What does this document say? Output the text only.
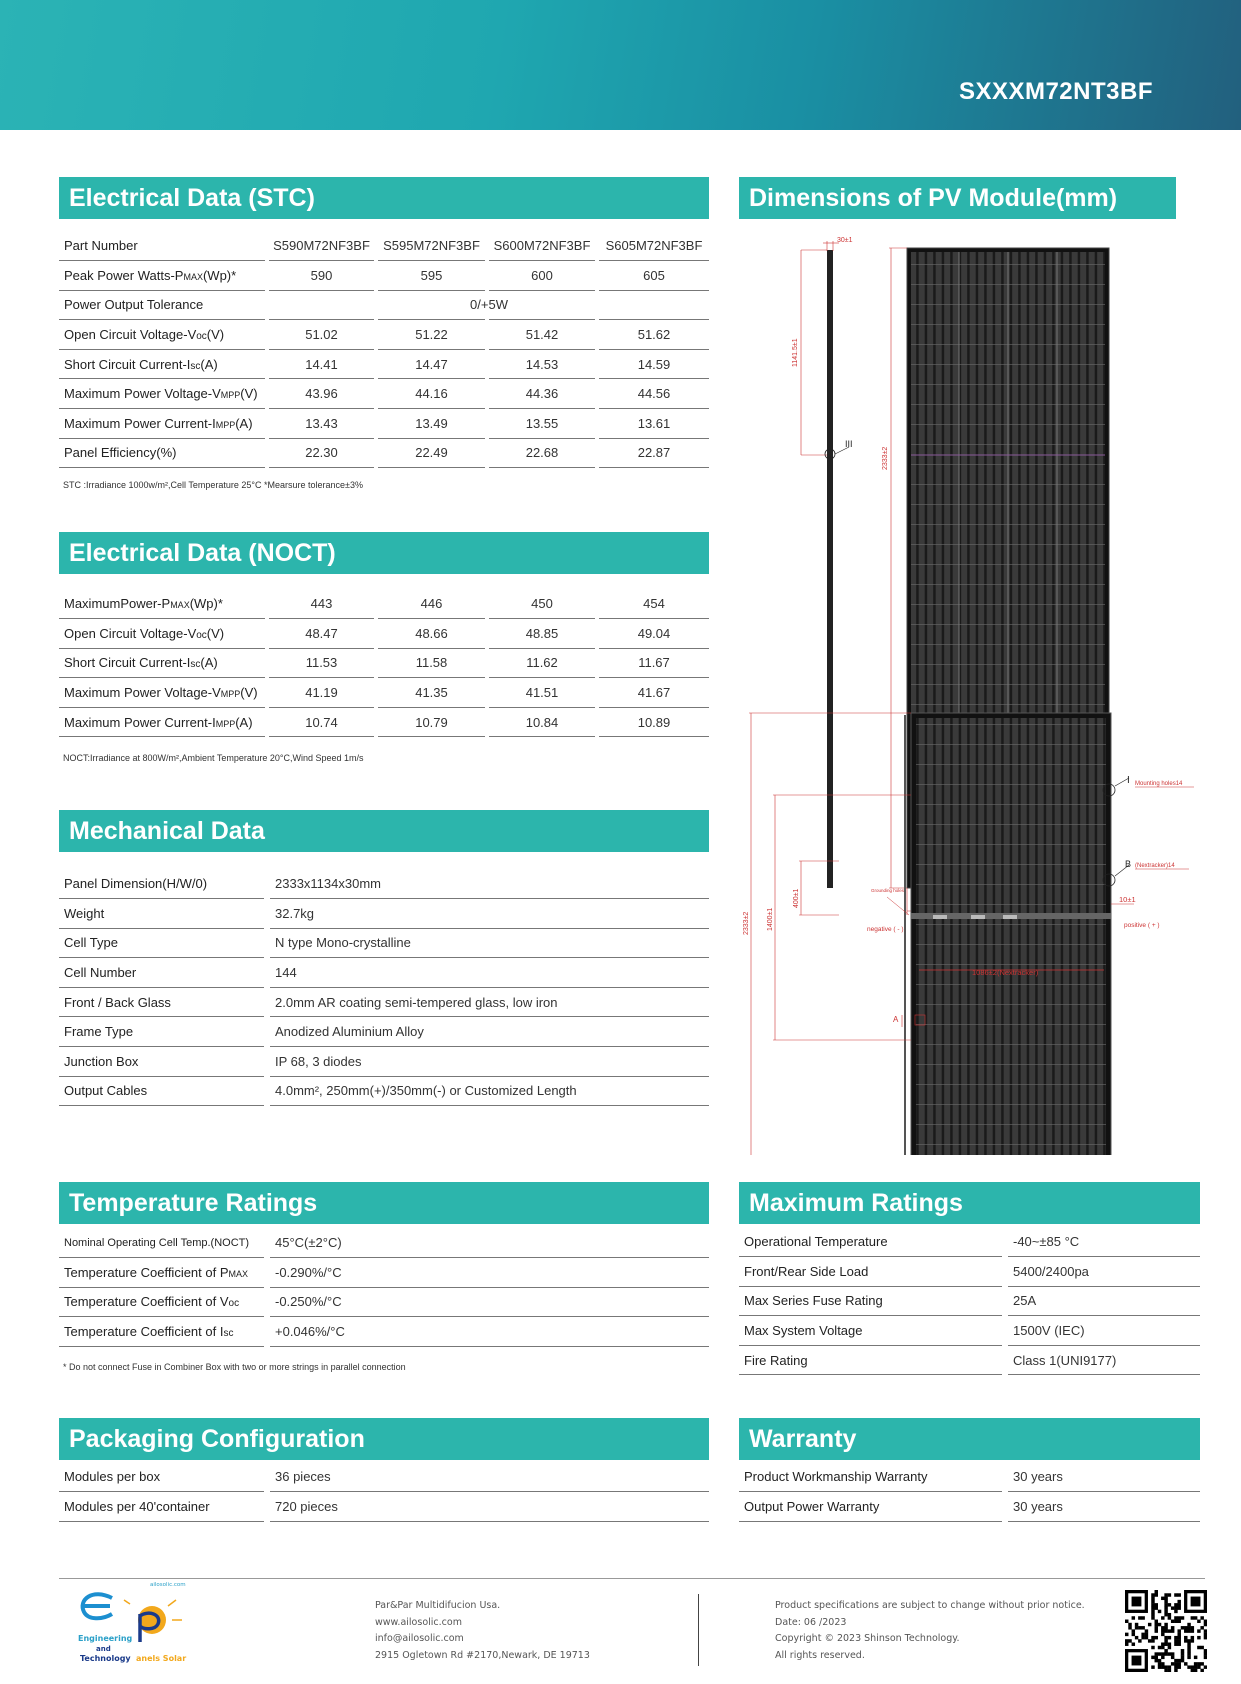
SXXXM72NT3BF
Electrical Data (STC)
Part Number	S590M72NF3BF	S595M72NF3BF	S600M72NF3BF	S605M72NF3BF
Peak Power Watts-PMAX(Wp)*	590	595	600	605
Power Output Tolerance	0/+5W			
Open Circuit Voltage-Voc(V)	51.02	51.22	51.42	51.62
Short Circuit Current-Isc(A)	14.41	14.47	14.53	14.59
Maximum Power Voltage-VMPP(V)	43.96	44.16	44.36	44.56
Maximum Power Current-IMPP(A)	13.43	13.49	13.55	13.61
Panel Efficiency(%)	22.30	22.49	22.68	22.87
STC :Irradiance 1000w/m²,Cell Temperature 25°C *Mearsure tolerance±3%
Electrical Data (NOCT)
MaximumPower-PMAX(Wp)*	443	446	450	454
Open Circuit Voltage-Voc(V)	48.47	48.66	48.85	49.04
Short Circuit Current-Isc(A)	11.53	11.58	11.62	11.67
Maximum Power Voltage-VMPP(V)	41.19	41.35	41.51	41.67
Maximum Power Current-IMPP(A)	10.74	10.79	10.84	10.89
NOCT:Irradiance at 800W/m²,Ambient Temperature 20°C,Wind Speed 1m/s
Mechanical Data
Panel Dimension(H/W/0)	2333x1134x30mm
Weight	32.7kg
Cell Type	N type Mono-crystalline
Cell Number	144
Front / Back Glass	2.0mm AR coating semi-tempered glass, low iron
Frame Type	Anodized Aluminium Alloy
Junction Box	IP 68, 3 diodes
Output Cables	4.0mm², 250mm(+)/350mm(-) or Customized Length
Dimensions of PV Module(mm)
30±1
1141.5±1
III
2333±2
1086±2(Nextracker)
2333±2 1400±1
400±1	Grounding holes
negative ( - )
positive ( + )
10±1
I Mounting holes14
B (Nextracker)14
A
Temperature Ratings
Nominal Operating Cell Temp.(NOCT)	45°C(±2°C)
Temperature Coefficient of PMAX	-0.290%/°C
Temperature Coefficient of Voc	-0.250%/°C
Temperature Coefficient of Isc	+0.046%/°C
* Do not connect Fuse in Combiner Box with two or more strings in parallel connection
Maximum Ratings
Operational Temperature	-40~±85 °C
Front/Rear Side Load	5400/2400pa
Max Series Fuse Rating	25A
Max System Voltage	1500V (IEC)
Fire Rating	Class 1(UNI9177)
Packaging Configuration
Modules per box	36 pieces
Modules per 40'container	720 pieces
Warranty
Product Workmanship Warranty	30 years
Output Power Warranty	30 years
ailosolic.com
Engineering
and
Technology anels Solar
Par&Par Multidifucion Usa.
www.ailosolic.com
info@ailosolic.com
2915 Ogletown Rd #2170,Newark, DE 19713
Product specifications are subject to change without prior notice.
Date: 06 /2023
Copyright © 2023 Shinson Technology.
All rights reserved.
